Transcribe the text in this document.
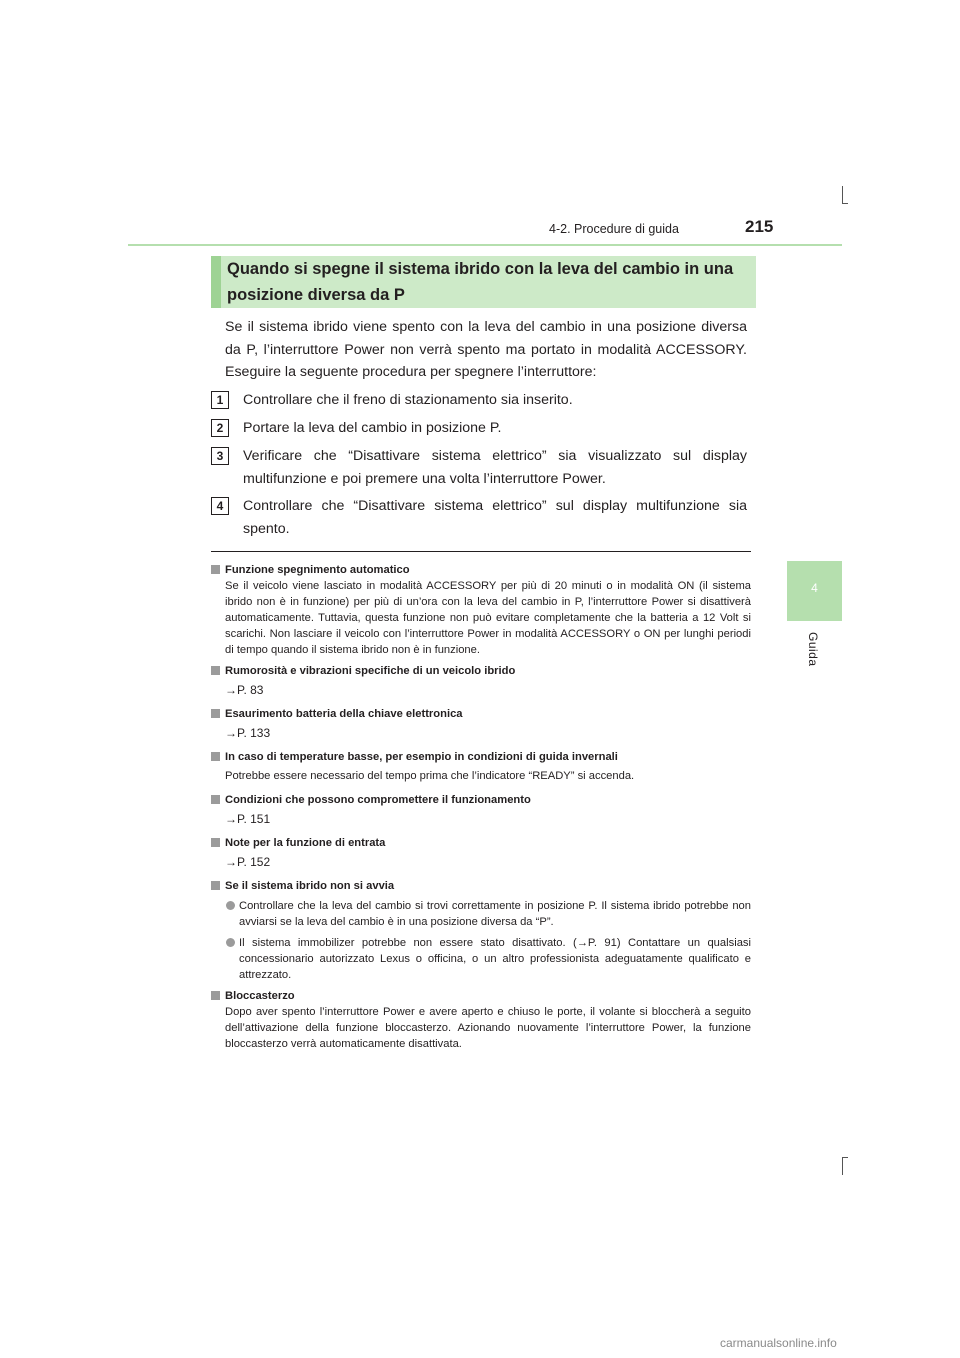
4-2. Procedure di guida	215
4
Guida
Quando si spegne il sistema ibrido con la leva del cambio in una posizione diversa da P

Se il sistema ibrido viene spento con la leva del cambio in una posizione diversa da P, l’interruttore Power non verrà spento ma portato in modalità ACCESSORY. Eseguire la seguente procedura per spegnere l’interruttore:

1	Controllare che il freno di stazionamento sia inserito.
2	Portare la leva del cambio in posizione P.
3	Verificare che “Disattivare sistema elettrico” sia visualizzato sul display multifunzione e poi premere una volta l’interruttore Power.
4	Controllare che “Disattivare sistema elettrico” sul display multifunzione sia spento.
Funzione spegnimento automatico
Se il veicolo viene lasciato in modalità ACCESSORY per più di 20 minuti o in modalità ON (il sistema ibrido non è in funzione) per più di un’ora con la leva del cambio in P, l’interruttore Power si disattiverà automaticamente. Tuttavia, questa funzione non può evitare completamente che la batteria a 12 Volt si scarichi. Non lasciare il veicolo con l’interruttore Power in modalità ACCESSORY o ON per lunghi periodi di tempo quando il sistema ibrido non è in funzione.
Rumorosità e vibrazioni specifiche di un veicolo ibrido
→P. 83
Esaurimento batteria della chiave elettronica
→P. 133
In caso di temperature basse, per esempio in condizioni di guida invernali
Potrebbe essere necessario del tempo prima che l’indicatore “READY” si accenda.
Condizioni che possono compromettere il funzionamento
→P. 151
Note per la funzione di entrata
→P. 152
Se il sistema ibrido non si avvia
Controllare che la leva del cambio si trovi correttamente in posizione P. Il sistema ibrido potrebbe non avviarsi se la leva del cambio è in una posizione diversa da “P”.
Il sistema immobilizer potrebbe non essere stato disattivato. (→P. 91) Contattare un qualsiasi concessionario autorizzato Lexus o officina, o un altro professionista adeguatamente qualificato e attrezzato.
Bloccasterzo
Dopo aver spento l’interruttore Power e avere aperto e chiuso le porte, il volante si bloccherà a seguito dell’attivazione della funzione bloccasterzo. Azionando nuovamente l’interruttore Power, la funzione bloccasterzo verrà automaticamente disattivata.
carmanualsonline.info
